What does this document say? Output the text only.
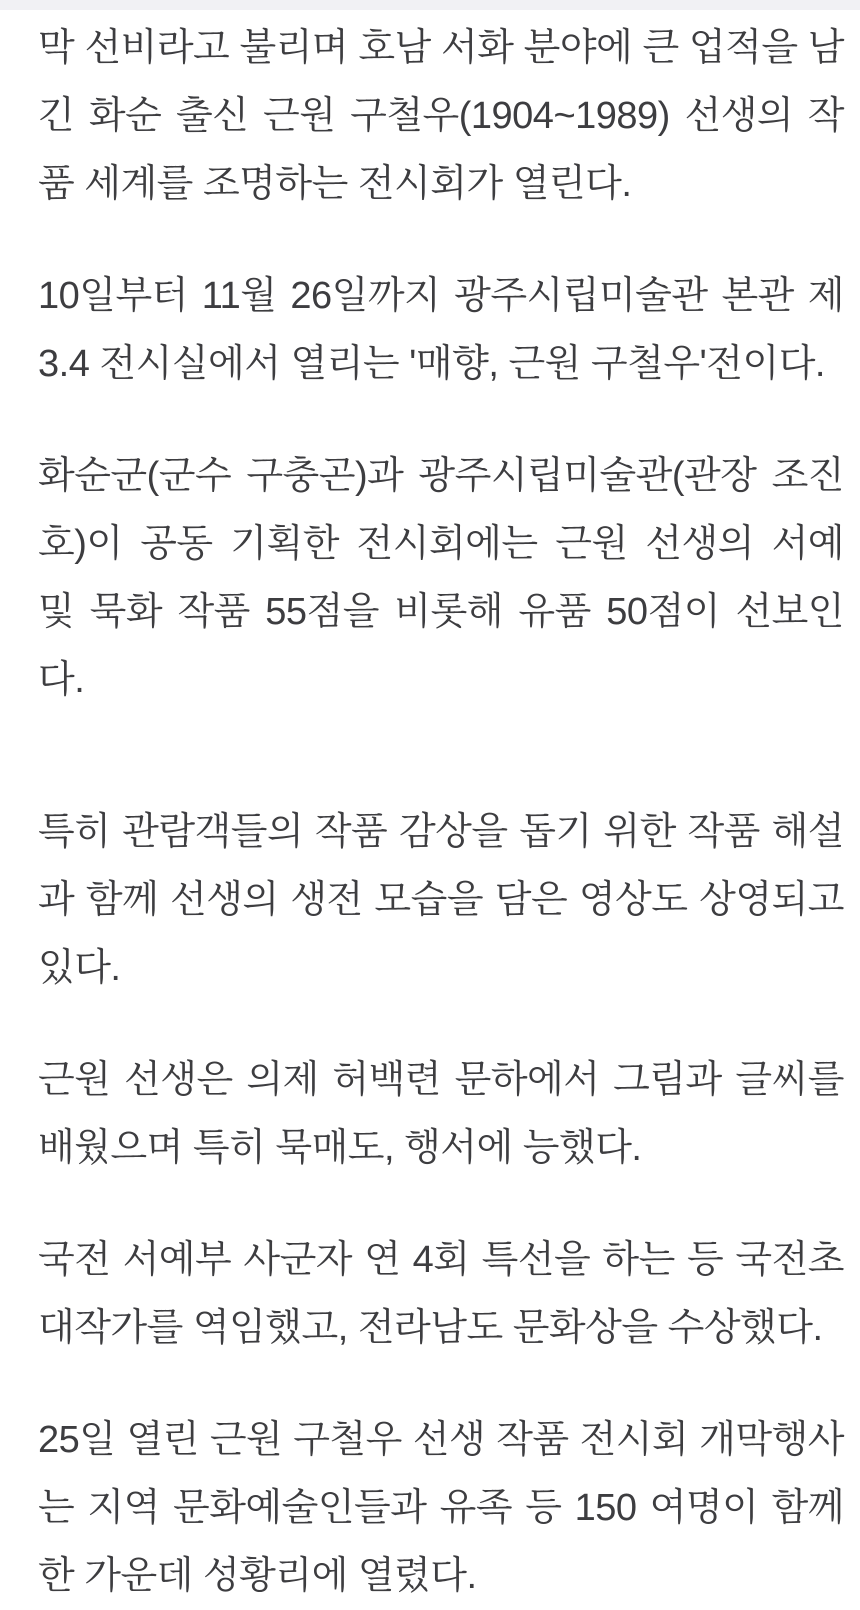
막 선비라고 불리며 호남 서화 분야에 큰 업적을 남긴 화순 출신 근원 구철우(1904~1989) 선생의 작품 세계를 조명하는 전시회가 열린다.

10일부터 11월 26일까지 광주시립미술관 본관 제3.4 전시실에서 열리는 '매향, 근원 구철우'전이다.

화순군(군수 구충곤)과 광주시립미술관(관장 조진호)이 공동 기획한 전시회에는 근원 선생의 서예 및 묵화 작품 55점을 비롯해 유품 50점이 선보인다.

특히 관람객들의 작품 감상을 돕기 위한 작품 해설과 함께 선생의 생전 모습을 담은 영상도 상영되고 있다.

근원 선생은 의제 허백련 문하에서 그림과 글씨를 배웠으며 특히 묵매도, 행서에 능했다.

국전 서예부 사군자 연 4회 특선을 하는 등 국전초대작가를 역임했고, 전라남도 문화상을 수상했다.

25일 열린 근원 구철우 선생 작품 전시회 개막행사는 지역 문화예술인들과 유족 등 150 여명이 함께한 가운데 성황리에 열렸다.
